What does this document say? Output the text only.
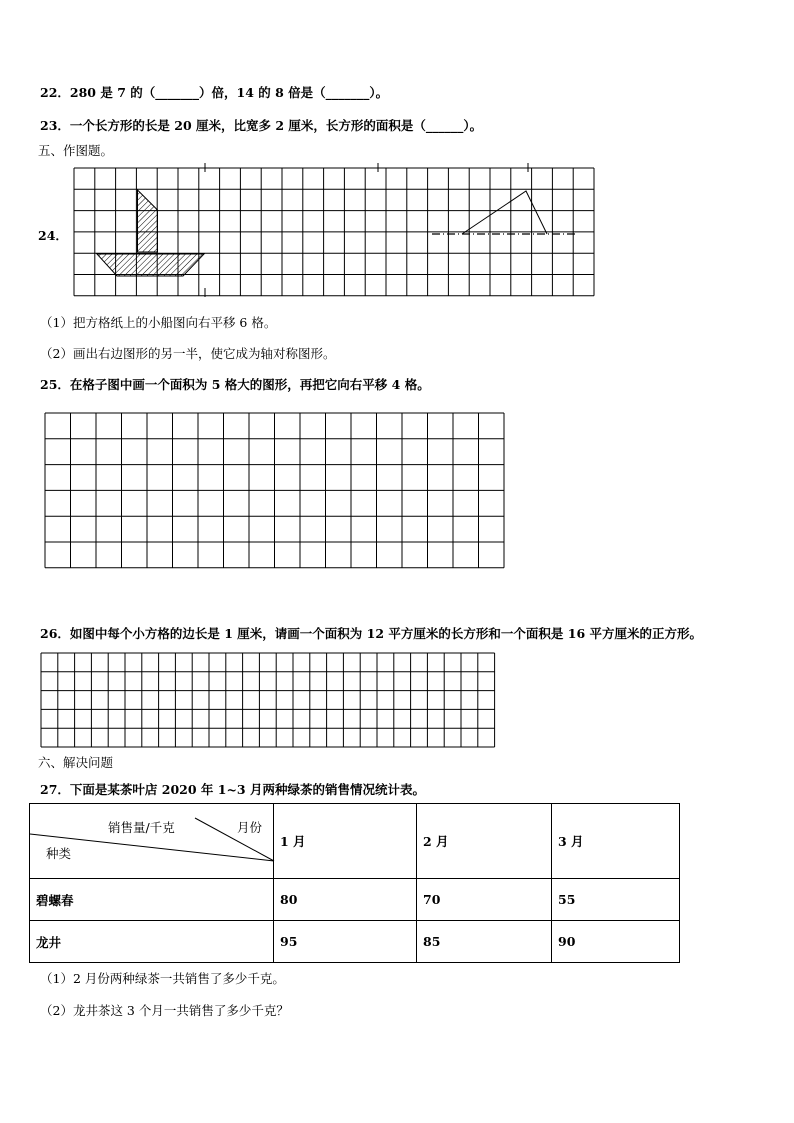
22．280 是 7 的（_______）倍，14 的 8 倍是（_______）。
23．一个长方形的长是 20 厘米，比宽多 2 厘米，长方形的面积是（______）。
五、作图题。
24．
（1）把方格纸上的小船图向右平移 6 格。
（2）画出右边图形的另一半，使它成为轴对称图形。
25．在格子图中画一个面积为 5 格大的图形，再把它向右平移 4 格。
26．如图中每个小方格的边长是 1 厘米，请画一个面积为 12 平方厘米的长方形和一个面积是 16 平方厘米的正方形。
六、解决问题
27．下面是某茶叶店 2020 年 1~3 月两种绿茶的销售情况统计表。
销售量/千克 月份
种类	1 月	2 月	3 月
碧螺春	80	70	55
龙井	95	85	90
（1）2 月份两种绿茶一共销售了多少千克。
（2）龙井茶这 3 个月一共销售了多少千克？
